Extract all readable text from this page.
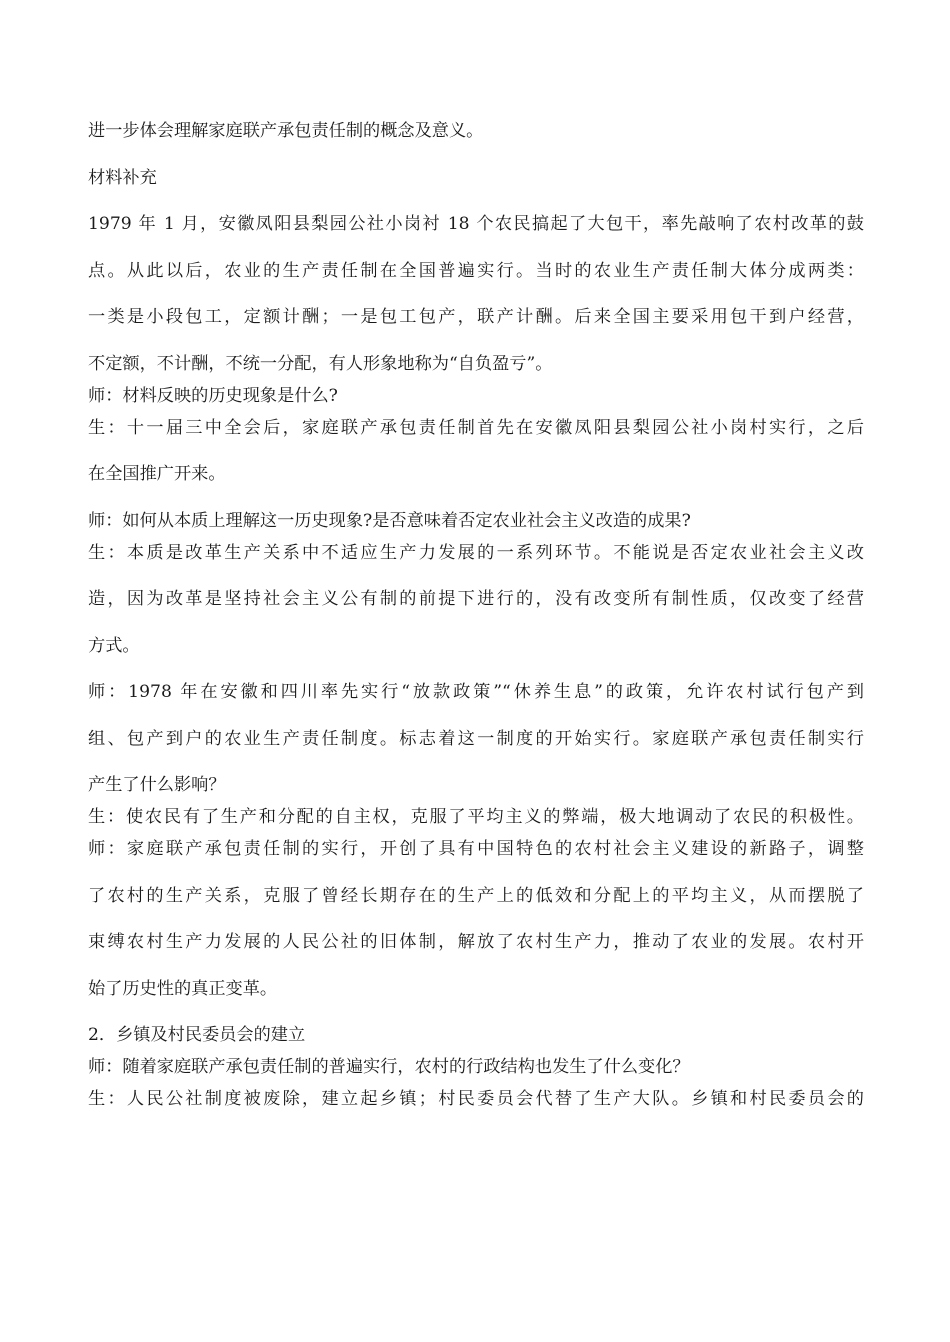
进一步体会理解家庭联产承包责任制的概念及意义。
材料补充
1979 年 1 月，安徽凤阳县梨园公社小岗衬 18 个农民搞起了大包干，率先敲响了农村改革的鼓
点。从此以后，农业的生产责任制在全国普遍实行。当时的农业生产责任制大体分成两类：
一类是小段包工，定额计酬；一是包工包产，联产计酬。后来全国主要采用包干到户经营，
不定额，不计酬，不统一分配，有人形象地称为“自负盈亏”。
师：材料反映的历史现象是什么?
生：十一届三中全会后，家庭联产承包责任制首先在安徽凤阳县梨园公社小岗村实行，之后
在全国推广开来。
师：如何从本质上理解这一历史现象?是否意味着否定农业社会主义改造的成果?
生：本质是改革生产关系中不适应生产力发展的一系列环节。不能说是否定农业社会主义改
造，因为改革是坚持社会主义公有制的前提下进行的，没有改变所有制性质，仅改变了经营
方式。
师：1978 年在安徽和四川率先实行“放款政策”“休养生息”的政策，允许农村试行包产到
组、包产到户的农业生产责任制度。标志着这一制度的开始实行。家庭联产承包责任制实行
产生了什么影响？
生：使农民有了生产和分配的自主权，克服了平均主义的弊端，极大地调动了农民的积极性。
师：家庭联产承包责任制的实行，开创了具有中国特色的农村社会主义建设的新路子，调整
了农村的生产关系，克服了曾经长期存在的生产上的低效和分配上的平均主义，从而摆脱了
束缚农村生产力发展的人民公社的旧体制，解放了农村生产力，推动了农业的发展。农村开
始了历史性的真正变革。
2．乡镇及村民委员会的建立
师：随着家庭联产承包责任制的普遍实行，农村的行政结构也发生了什么变化？
生：人民公社制度被废除，建立起乡镇；村民委员会代替了生产大队。乡镇和村民委员会的
